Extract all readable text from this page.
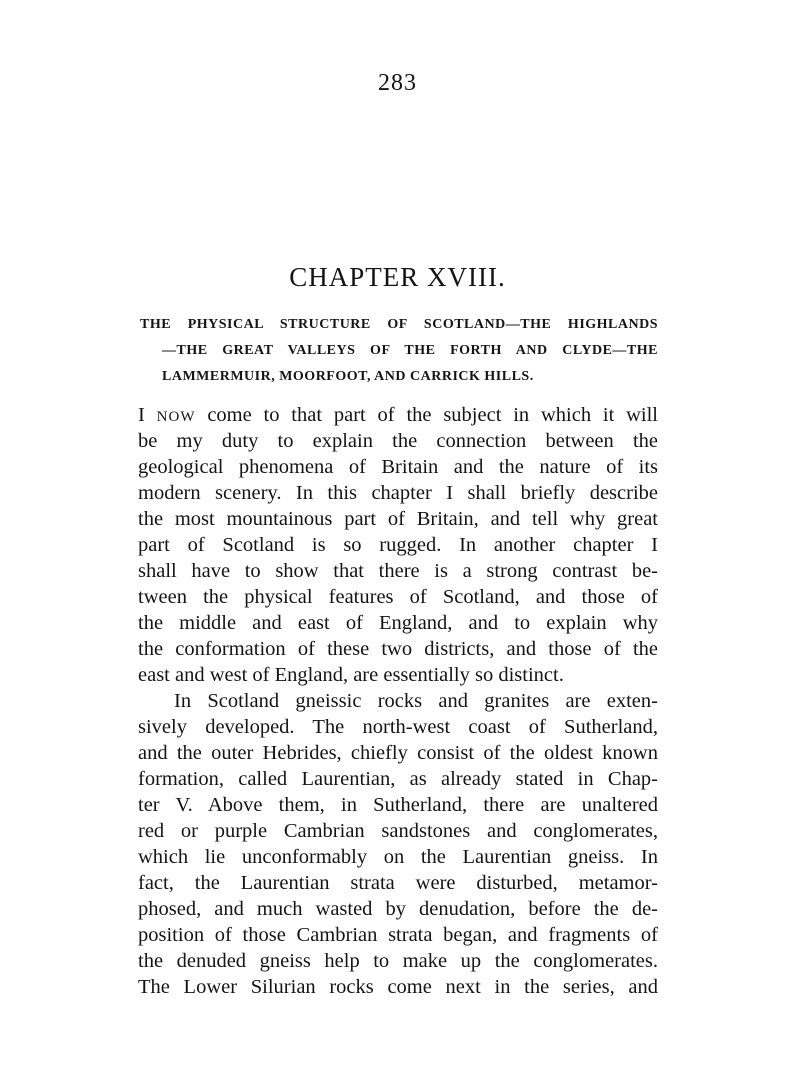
283
CHAPTER XVIII.
THE PHYSICAL STRUCTURE OF SCOTLAND—THE HIGHLANDS
—THE GREAT VALLEYS OF THE FORTH AND CLYDE—THE
LAMMERMUIR, MOORFOOT, AND CARRICK HILLS.
I NOW come to that part of the subject in which it will
be my duty to explain the connection between the
geological phenomena of Britain and the nature of its
modern scenery. In this chapter I shall briefly describe
the most mountainous part of Britain, and tell why great
part of Scotland is so rugged. In another chapter I
shall have to show that there is a strong contrast be-
tween the physical features of Scotland, and those of
the middle and east of England, and to explain why
the conformation of these two districts, and those of the
east and west of England, are essentially so distinct.
In Scotland gneissic rocks and granites are exten-
sively developed. The north-west coast of Sutherland,
and the outer Hebrides, chiefly consist of the oldest known
formation, called Laurentian, as already stated in Chap-
ter V. Above them, in Sutherland, there are unaltered
red or purple Cambrian sandstones and conglomerates,
which lie unconformably on the Laurentian gneiss. In
fact, the Laurentian strata were disturbed, metamor-
phosed, and much wasted by denudation, before the de-
position of those Cambrian strata began, and fragments of
the denuded gneiss help to make up the conglomerates.
The Lower Silurian rocks come next in the series, and
